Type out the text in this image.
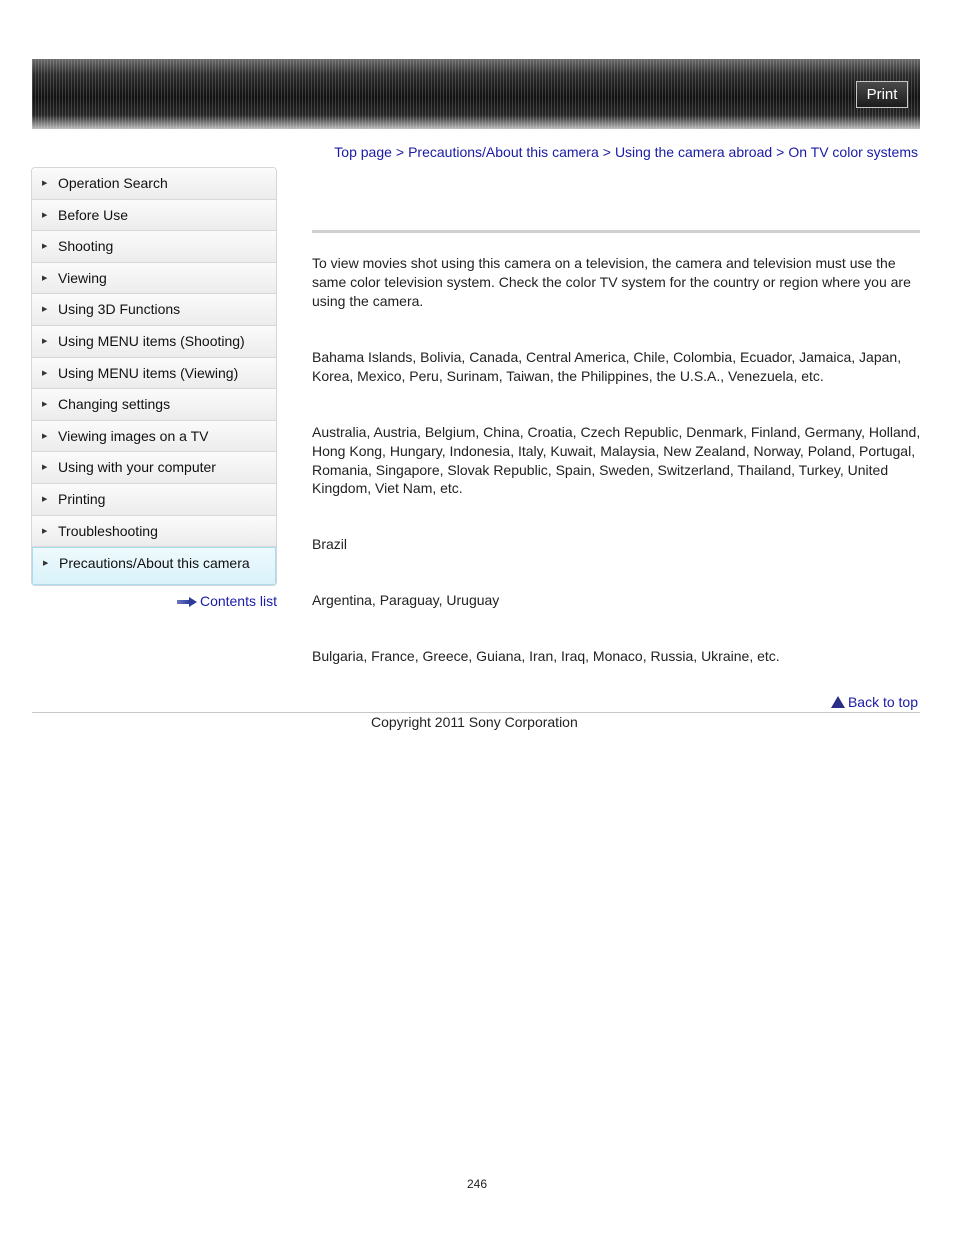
Print
Top page > Precautions/About this camera > Using the camera abroad > On TV color systems
▶ Operation Search
▶ Before Use
▶ Shooting
▶ Viewing
▶ Using 3D Functions
▶ Using MENU items (Shooting)
▶ Using MENU items (Viewing)
▶ Changing settings
▶ Viewing images on a TV
▶ Using with your computer
▶ Printing
▶ Troubleshooting
▶ Precautions/About this camera
Contents list
To view movies shot using this camera on a television, the camera and television must use the same color television system. Check the color TV system for the country or region where you are using the camera.
Bahama Islands, Bolivia, Canada, Central America, Chile, Colombia, Ecuador, Jamaica, Japan, Korea, Mexico, Peru, Surinam, Taiwan, the Philippines, the U.S.A., Venezuela, etc.
Australia, Austria, Belgium, China, Croatia, Czech Republic, Denmark, Finland, Germany, Holland, Hong Kong, Hungary, Indonesia, Italy, Kuwait, Malaysia, New Zealand, Norway, Poland, Portugal, Romania, Singapore, Slovak Republic, Spain, Sweden, Switzerland, Thailand, Turkey, United Kingdom, Viet Nam, etc.
Brazil
Argentina, Paraguay, Uruguay
Bulgaria, France, Greece, Guiana, Iran, Iraq, Monaco, Russia, Ukraine, etc.
Back to top
Copyright 2011 Sony Corporation
246
